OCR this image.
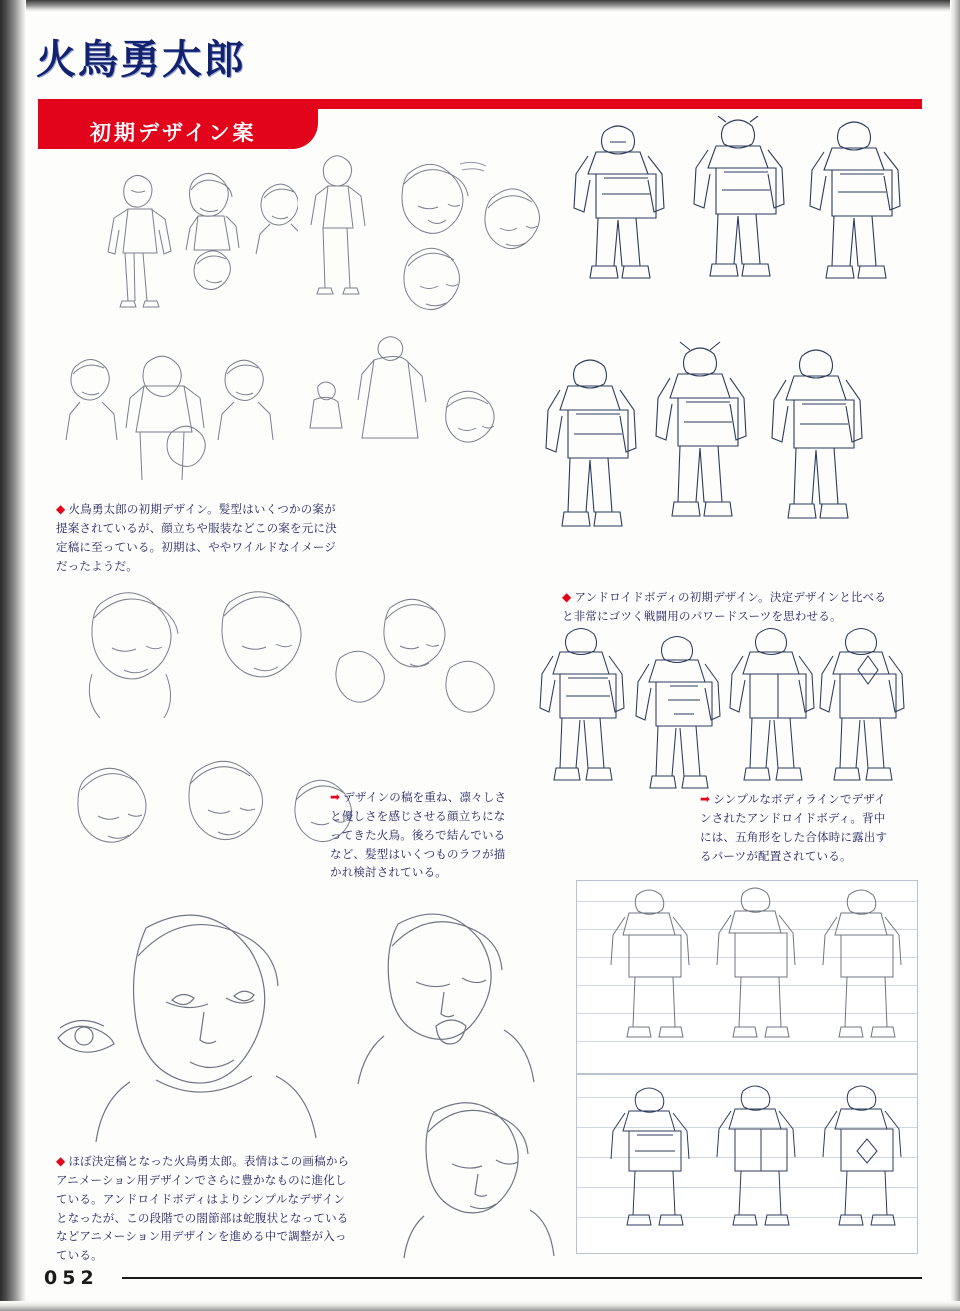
火鳥勇太郎
初期デザイン案

◆ 火鳥勇太郎の初期デザイン。髪型はいくつかの案が提案されているが、顔立ちや服装などこの案を元に決定稿に至っている。初期は、ややワイルドなイメージだったようだ。

◆ アンドロイドボディの初期デザイン。決定デザインと比べると非常にゴツく戦闘用のパワードスーツを思わせる。

➡ デザインの稿を重ね、凛々しさと優しさを感じさせる顔立ちになってきた火鳥。後ろで結んでいるなど、髪型はいくつものラフが描かれ検討されている。

➡ シンプルなボディラインでデザインされたアンドロイドボディ。背中には、五角形をした合体時に露出するパーツが配置されている。

◆ ほぼ決定稿となった火鳥勇太郎。表情はこの画稿からアニメーション用デザインでさらに豊かなものに進化している。アンドロイドボディはよりシンプルなデザインとなったが、この段階での閤節部は蛇腹状となっているなどアニメーション用デザインを進める中で調整が入っている。

052
